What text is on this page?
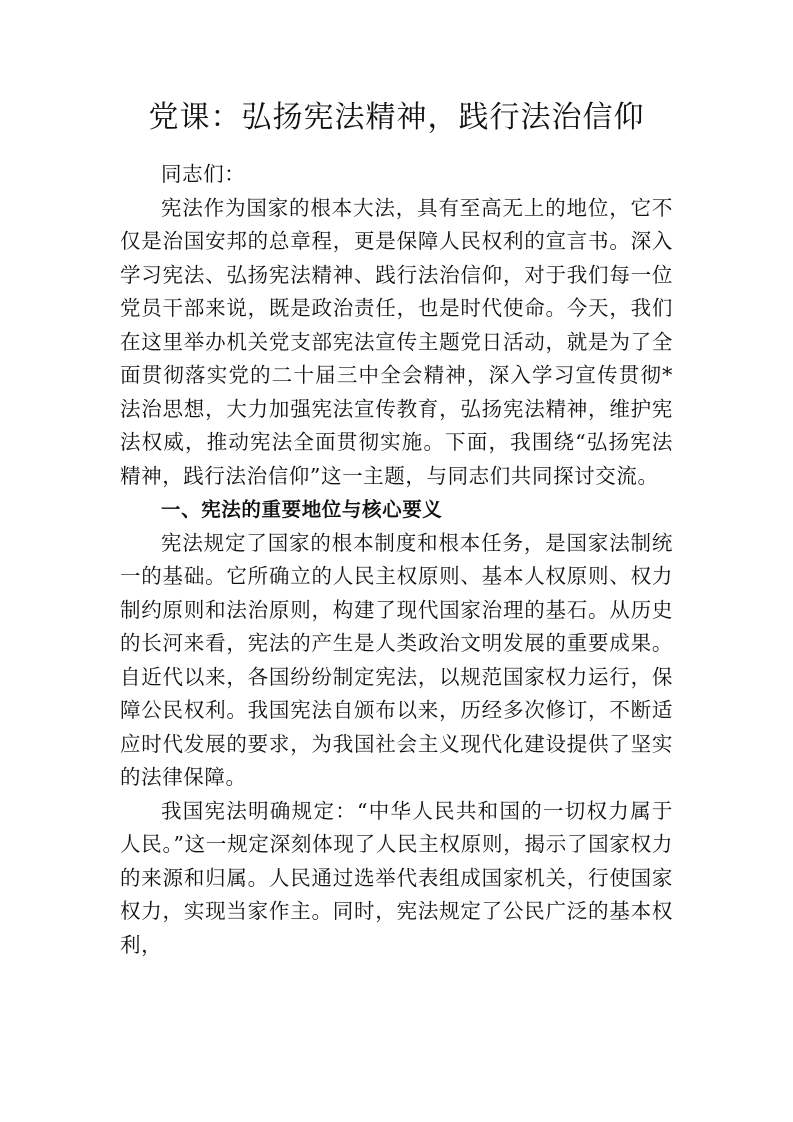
党课：弘扬宪法精神，践行法治信仰

同志们：

宪法作为国家的根本大法，具有至高无上的地位，它不仅是治国安邦的总章程，更是保障人民权利的宣言书。深入学习宪法、弘扬宪法精神、践行法治信仰，对于我们每一位党员干部来说，既是政治责任，也是时代使命。今天，我们在这里举办机关党支部宪法宣传主题党日活动，就是为了全面贯彻落实党的二十届三中全会精神，深入学习宣传贯彻*法治思想，大力加强宪法宣传教育，弘扬宪法精神，维护宪法权威，推动宪法全面贯彻实施。下面，我围绕“弘扬宪法精神，践行法治信仰”这一主题，与同志们共同探讨交流。

一、宪法的重要地位与核心要义

宪法规定了国家的根本制度和根本任务，是国家法制统一的基础。它所确立的人民主权原则、基本人权原则、权力制约原则和法治原则，构建了现代国家治理的基石。从历史的长河来看，宪法的产生是人类政治文明发展的重要成果。自近代以来，各国纷纷制定宪法，以规范国家权力运行，保障公民权利。我国宪法自颁布以来，历经多次修订，不断适应时代发展的要求，为我国社会主义现代化建设提供了坚实的法律保障。

我国宪法明确规定：“中华人民共和国的一切权力属于人民。”这一规定深刻体现了人民主权原则，揭示了国家权力的来源和归属。人民通过选举代表组成国家机关，行使国家权力，实现当家作主。同时，宪法规定了公民广泛的基本权利，
